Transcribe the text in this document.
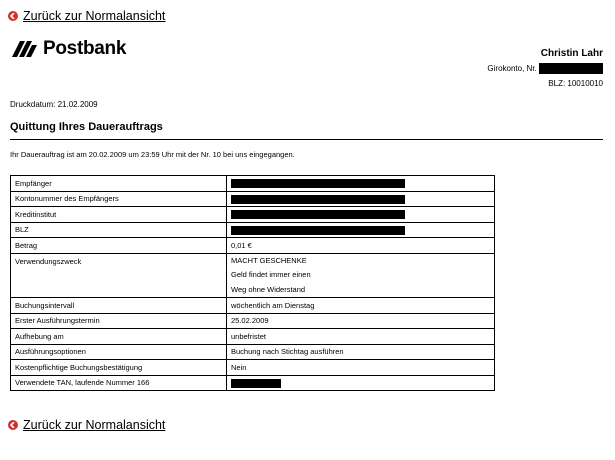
Zurück zur Normalansicht
Postbank	Christin Lahr
Girokonto, Nr.
BLZ: 10010010
Druckdatum: 21.02.2009
Quittung Ihres Dauerauftrags
Ihr Dauerauftrag ist am 20.02.2009 um 23:59 Uhr mit der Nr. 10 bei uns eingegangen.
Empfänger	
Kontonummer des Empfängers	
Kreditinstitut	
BLZ	
Betrag	0,01 €
Verwendungszweck	MACHT GESCHENKE
Geld findet immer einen
Weg ohne Widerstand

Buchungsintervall	wöchentlich am Dienstag
Erster Ausführungstermin	25.02.2009
Aufhebung am	unbefristet
Ausführungsoptionen	Buchung nach Stichtag ausführen
Kostenpflichtige Buchungsbestätigung	Nein
Verwendete TAN, laufende Nummer 166	
Zurück zur Normalansicht
